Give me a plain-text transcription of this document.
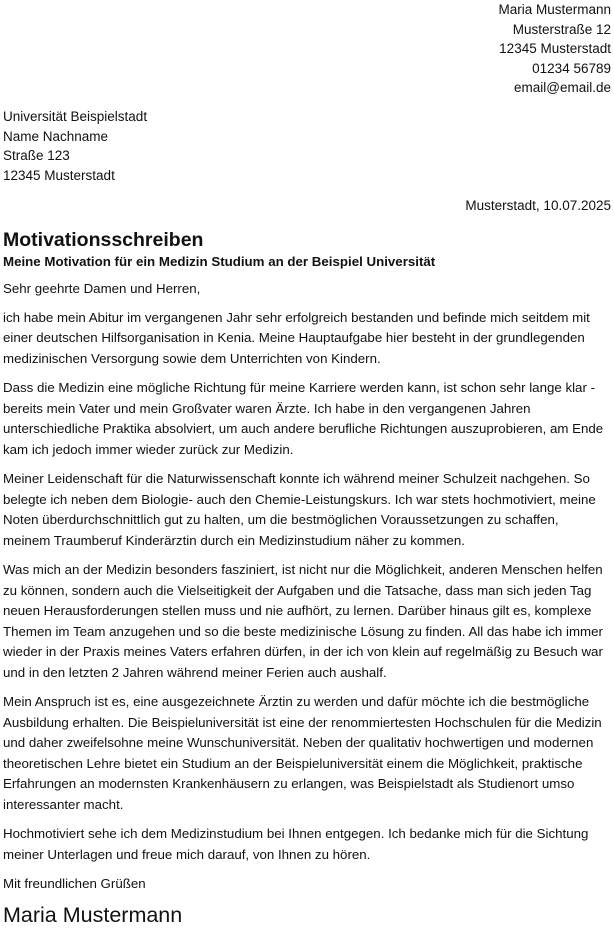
Maria Mustermann
Musterstraße 12
12345 Musterstadt
01234 56789
email@email.de
Universität Beispielstadt
Name Nachname
Straße 123
12345 Musterstadt
Musterstadt, 10.07.2025
Motivationsschreiben
Meine Motivation für ein Medizin Studium an der Beispiel Universität

Sehr geehrte Damen und Herren,

ich habe mein Abitur im vergangenen Jahr sehr erfolgreich bestanden und befinde mich seitdem mit einer deutschen Hilfsorganisation in Kenia. Meine Hauptaufgabe hier besteht in der grundlegenden medizinischen Versorgung sowie dem Unterrichten von Kindern.

Dass die Medizin eine mögliche Richtung für meine Karriere werden kann, ist schon sehr lange klar - bereits mein Vater und mein Großvater waren Ärzte. Ich habe in den vergangenen Jahren unterschiedliche Praktika absolviert, um auch andere berufliche Richtungen auszuprobieren, am Ende kam ich jedoch immer wieder zurück zur Medizin.

Meiner Leidenschaft für die Naturwissenschaft konnte ich während meiner Schulzeit nachgehen. So belegte ich neben dem Biologie- auch den Chemie-Leistungskurs. Ich war stets hochmotiviert, meine Noten überdurchschnittlich gut zu halten, um die bestmöglichen Voraussetzungen zu schaffen, meinem Traumberuf Kinderärztin durch ein Medizinstudium näher zu kommen.

Was mich an der Medizin besonders fasziniert, ist nicht nur die Möglichkeit, anderen Menschen helfen zu können, sondern auch die Vielseitigkeit der Aufgaben und die Tatsache, dass man sich jeden Tag neuen Herausforderungen stellen muss und nie aufhört, zu lernen. Darüber hinaus gilt es, komplexe Themen im Team anzugehen und so die beste medizinische Lösung zu finden. All das habe ich immer wieder in der Praxis meines Vaters erfahren dürfen, in der ich von klein auf regelmäßig zu Besuch war und in den letzten 2 Jahren während meiner Ferien auch aushalf.

Mein Anspruch ist es, eine ausgezeichnete Ärztin zu werden und dafür möchte ich die bestmögliche Ausbildung erhalten. Die Beispieluniversität ist eine der renommiertesten Hochschulen für die Medizin und daher zweifelsohne meine Wunschuniversität. Neben der qualitativ hochwertigen und modernen theoretischen Lehre bietet ein Studium an der Beispieluniversität einem die Möglichkeit, praktische Erfahrungen an modernsten Krankenhäusern zu erlangen, was Beispielstadt als Studienort umso interessanter macht.

Hochmotiviert sehe ich dem Medizinstudium bei Ihnen entgegen. Ich bedanke mich für die Sichtung meiner Unterlagen und freue mich darauf, von Ihnen zu hören.

Mit freundlichen Grüßen

Maria Mustermann
